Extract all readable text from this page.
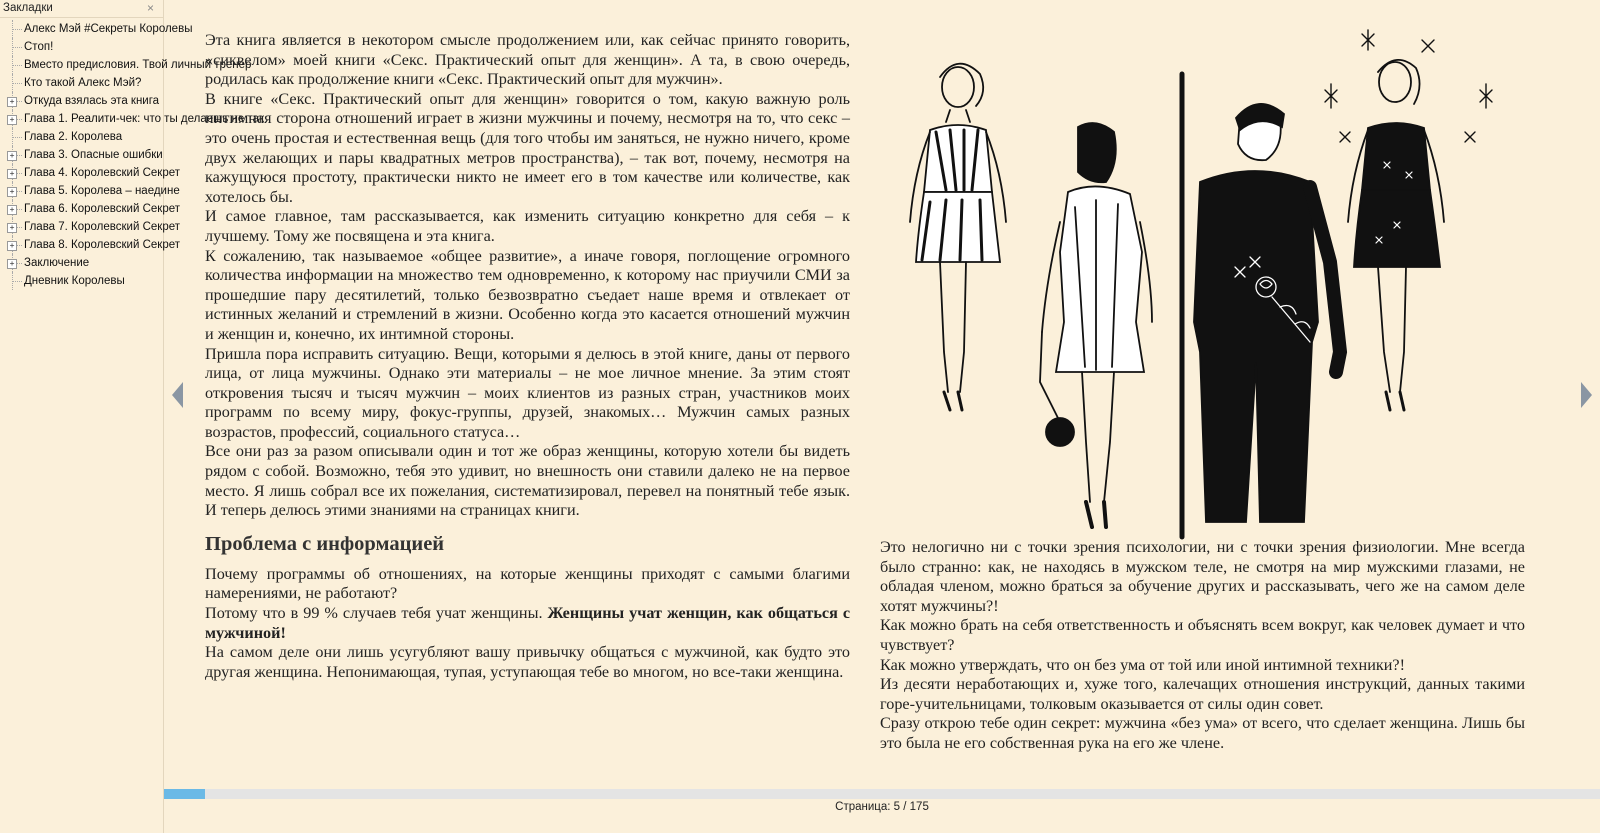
Закладки	×
Алекс Мэй #Секреты Королевы
Стоп!
Вместо предисловия. Твой личный тренер
Кто такой Алекс Мэй?
+ Откуда взялась эта книга
+ Глава 1. Реалити-чек: что ты делаешь не так
Глава 2. Королева
+ Глава 3. Опасные ошибки
+ Глава 4. Королевский Секрет
+ Глава 5. Королева – наедине
+ Глава 6. Королевский Секрет
+ Глава 7. Королевский Секрет
+ Глава 8. Королевский Секрет
+ Заключение
Дневник Королевы

Эта книга является в некотором смысле продолжением или, как сейчас принято говорить, «сиквелом» моей книги «Секс. Практический опыт для женщин». А та, в свою очередь, родилась как продолжение книги «Секс. Практический опыт для мужчин».

В книге «Секс. Практический опыт для женщин» говорится о том, какую важную роль интимная сторона отношений играет в жизни мужчины и почему, несмотря на то, что секс – это очень простая и естественная вещь (для того чтобы им заняться, не нужно ничего, кроме двух желающих и пары квадратных метров пространства), – так вот, почему, несмотря на кажущуюся простоту, практически никто не имеет его в том качестве или количестве, как хотелось бы.

И самое главное, там рассказывается, как изменить ситуацию конкретно для себя – к лучшему. Тому же посвящена и эта книга.

К сожалению, так называемое «общее развитие», а иначе говоря, поглощение огромного количества информации на множество тем одновременно, к которому нас приучили СМИ за прошедшие пару десятилетий, только безвозвратно съедает наше время и отвлекает от истинных желаний и стремлений в жизни. Особенно когда это касается отношений мужчин и женщин и, конечно, их интимной стороны.

Пришла пора исправить ситуацию. Вещи, которыми я делюсь в этой книге, даны от первого лица, от лица мужчины. Однако эти материалы – не мое личное мнение. За этим стоят откровения тысяч и тысяч мужчин – моих клиентов из разных стран, участников моих программ по всему миру, фокус-группы, друзей, знакомых… Мужчин самых разных возрастов, профессий, социального статуса…

Все они раз за разом описывали один и тот же образ женщины, которую хотели бы видеть рядом с собой. Возможно, тебя это удивит, но внешность они ставили далеко не на первое место. Я лишь собрал все их пожелания, систематизировал, перевел на понятный тебе язык. И теперь делюсь этими знаниями на страницах книги.

Проблема с информацией

Почему программы об отношениях, на которые женщины приходят с самыми благими намерениями, не работают?

Потому что в 99 % случаев тебя учат женщины. Женщины учат женщин, как общаться с мужчиной!

На самом деле они лишь усугубляют вашу привычку общаться с мужчиной, как будто это другая женщина. Непонимающая, тупая, уступающая тебе во многом, но все-таки женщина.

Это нелогично ни с точки зрения психологии, ни с точки зрения физиологии. Мне всегда было странно: как, не находясь в мужском теле, не смотря на мир мужскими глазами, не обладая членом, можно браться за обучение других и рассказывать, чего же на самом деле хотят мужчины?!

Как можно брать на себя ответственность и объяснять всем вокруг, как человек думает и что чувствует?

Как можно утверждать, что он без ума от той или иной интимной техники?!

Из десяти неработающих и, хуже того, калечащих отношения инструкций, данных такими горе-учительницами, толковым оказывается от силы один совет.

Сразу открою тебе один секрет: мужчина «без ума» от всего, что сделает женщина. Лишь бы это была не его собственная рука на его же члене.

Страница: 5 / 175
